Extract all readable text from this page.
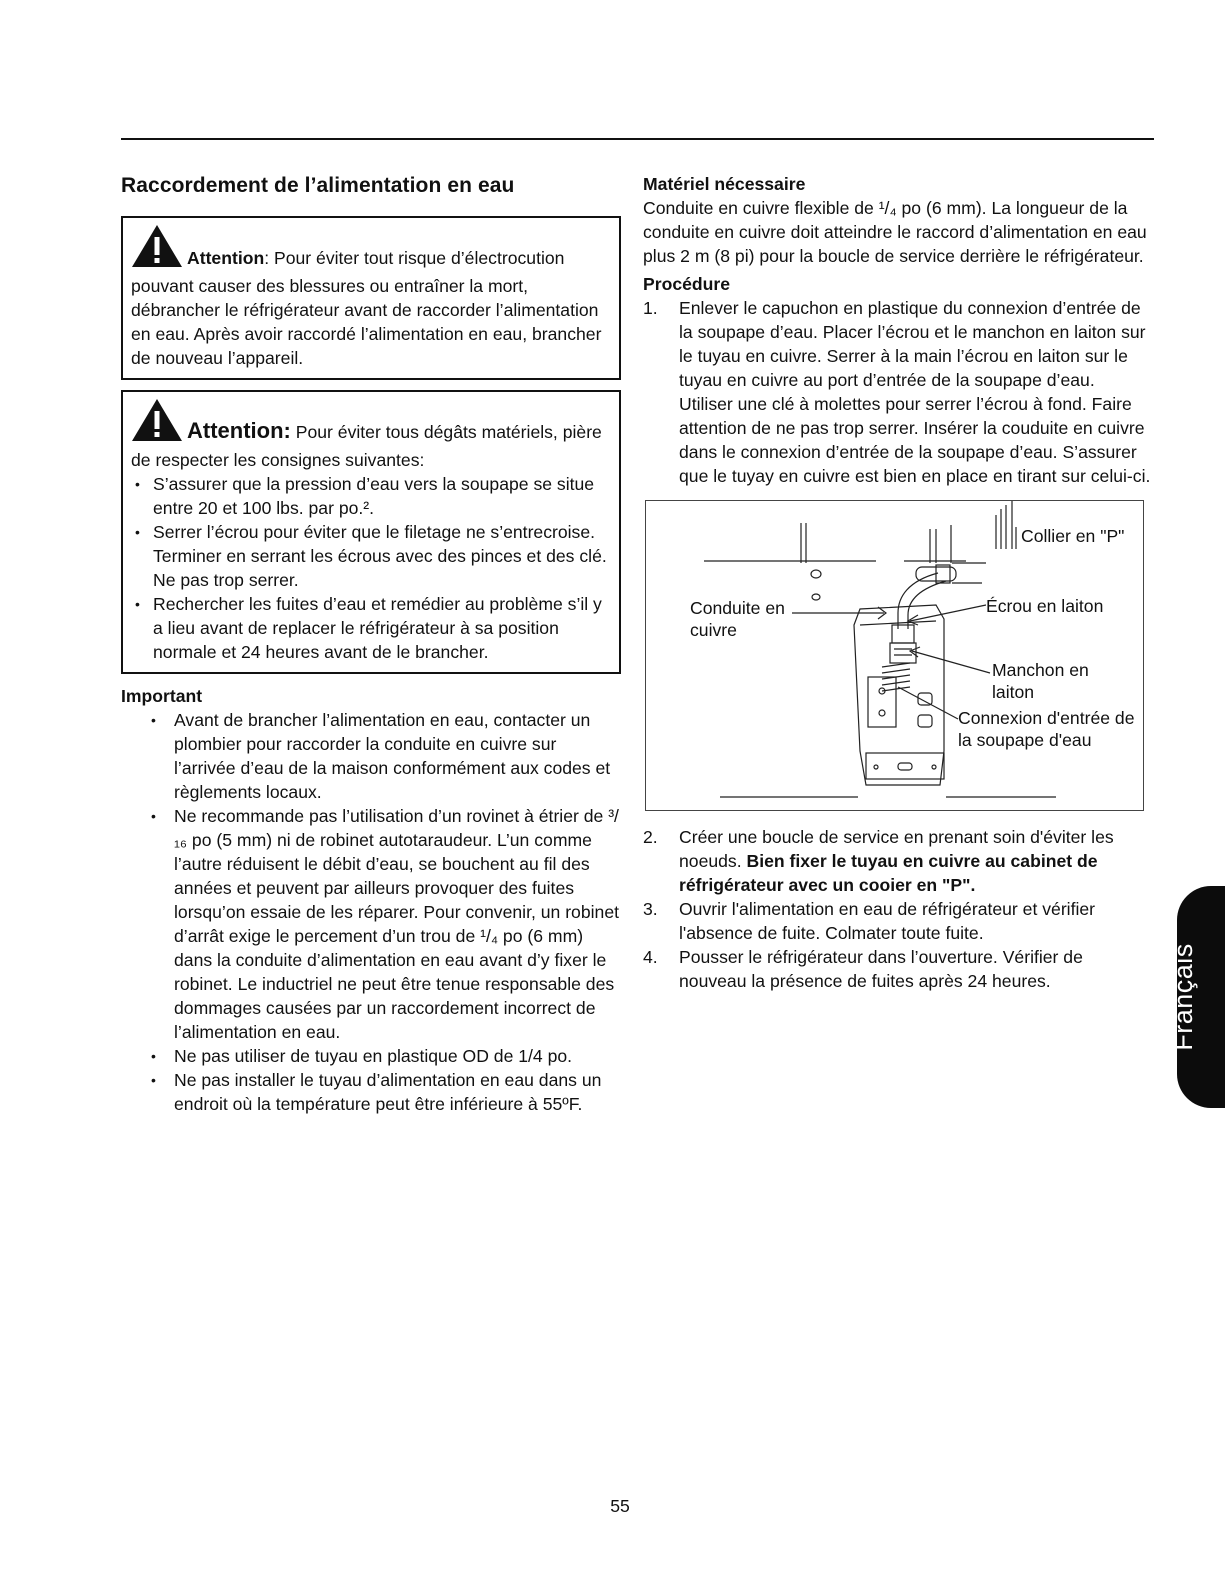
Raccordement de l’alimentation en eau

Attention: Pour éviter tout risque d’électrocution pouvant causer des blessures ou entraîner la mort, débrancher le réfrigérateur avant de raccorder l’alimentation en eau. Après avoir raccordé l’alimentation en eau, brancher de nouveau l’appareil.

Attention: Pour éviter tous dégâts matériels, pière de respecter les consignes suivantes:

• S’assurer que la pression d’eau vers la soupape se situe entre 20 et 100 lbs. par po.².
• Serrer l’écrou pour éviter que le filetage ne s’entrecroise. Terminer en serrant les écrous avec des pinces et des clé. Ne pas trop serrer.
• Rechercher les fuites d’eau et remédier au problème s’il y a lieu avant de replacer le réfrigérateur à sa position normale et 24 heures avant de le brancher.
Important
• Avant de brancher l’alimentation en eau, contacter un plombier pour raccorder la conduite en cuivre sur l’arrivée d’eau de la maison conformément aux codes et règlements locaux.
• Ne recommande pas l’utilisation d’un rovinet à étrier de ³/₁₆ po (5 mm) ni de robinet autotaraudeur. L’un comme l’autre réduisent le débit d’eau, se bouchent au fil des années et peuvent par ailleurs provoquer des fuites lorsqu’on essaie de les réparer. Pour convenir, un robinet d’arrât exige le percement d’un trou de ¹/₄ po (6 mm) dans la conduite d’alimentation en eau avant d’y fixer le robinet. Le inductriel ne peut être tenue responsable des dommages causées par un raccordement incorrect de l’alimentation en eau.
• Ne pas utiliser de tuyau en plastique OD de 1/4 po.
• Ne pas installer le tuyau d’alimentation en eau dans un endroit où la température peut être inférieure à 55ºF.
Matériel nécessaire

Conduite en cuivre flexible de ¹/₄ po (6 mm). La longueur de la conduite en cuivre doit atteindre le raccord d’alimentation en eau plus 2 m (8 pi) pour la boucle de service derrière le réfrigérateur.

Procédure
1. Enlever le capuchon en plastique du connexion d’entrée de la soupape d’eau. Placer l’écrou et le manchon en laiton sur le tuyau en cuivre. Serrer à la main l’écrou en laiton sur le tuyau en cuivre au port d’entrée de la soupape d’eau. Utiliser une clé à molettes pour serrer l’écrou à fond. Faire attention de ne pas trop serrer. Insérer la couduite en cuivre dans le connexion d’entrée de la soupape d’eau. S’assurer que le tuyay en cuivre est bien en place en tirant sur celui-ci.
Collier en "P"
Conduite en cuivre
Écrou en laiton
Manchon en laiton
Connexion d'entrée de la soupape d'eau
2. Créer une boucle de service en prenant soin d'éviter les noeuds. Bien fixer le tuyau en cuivre au cabinet de réfrigérateur avec un cooier en "P".
3. Ouvrir l'alimentation en eau de réfrigérateur et vérifier l'absence de fuite. Colmater toute fuite.
4. Pousser le réfrigérateur dans l’ouverture. Vérifier de nouveau la présence de fuites après 24 heures.	Français
55
